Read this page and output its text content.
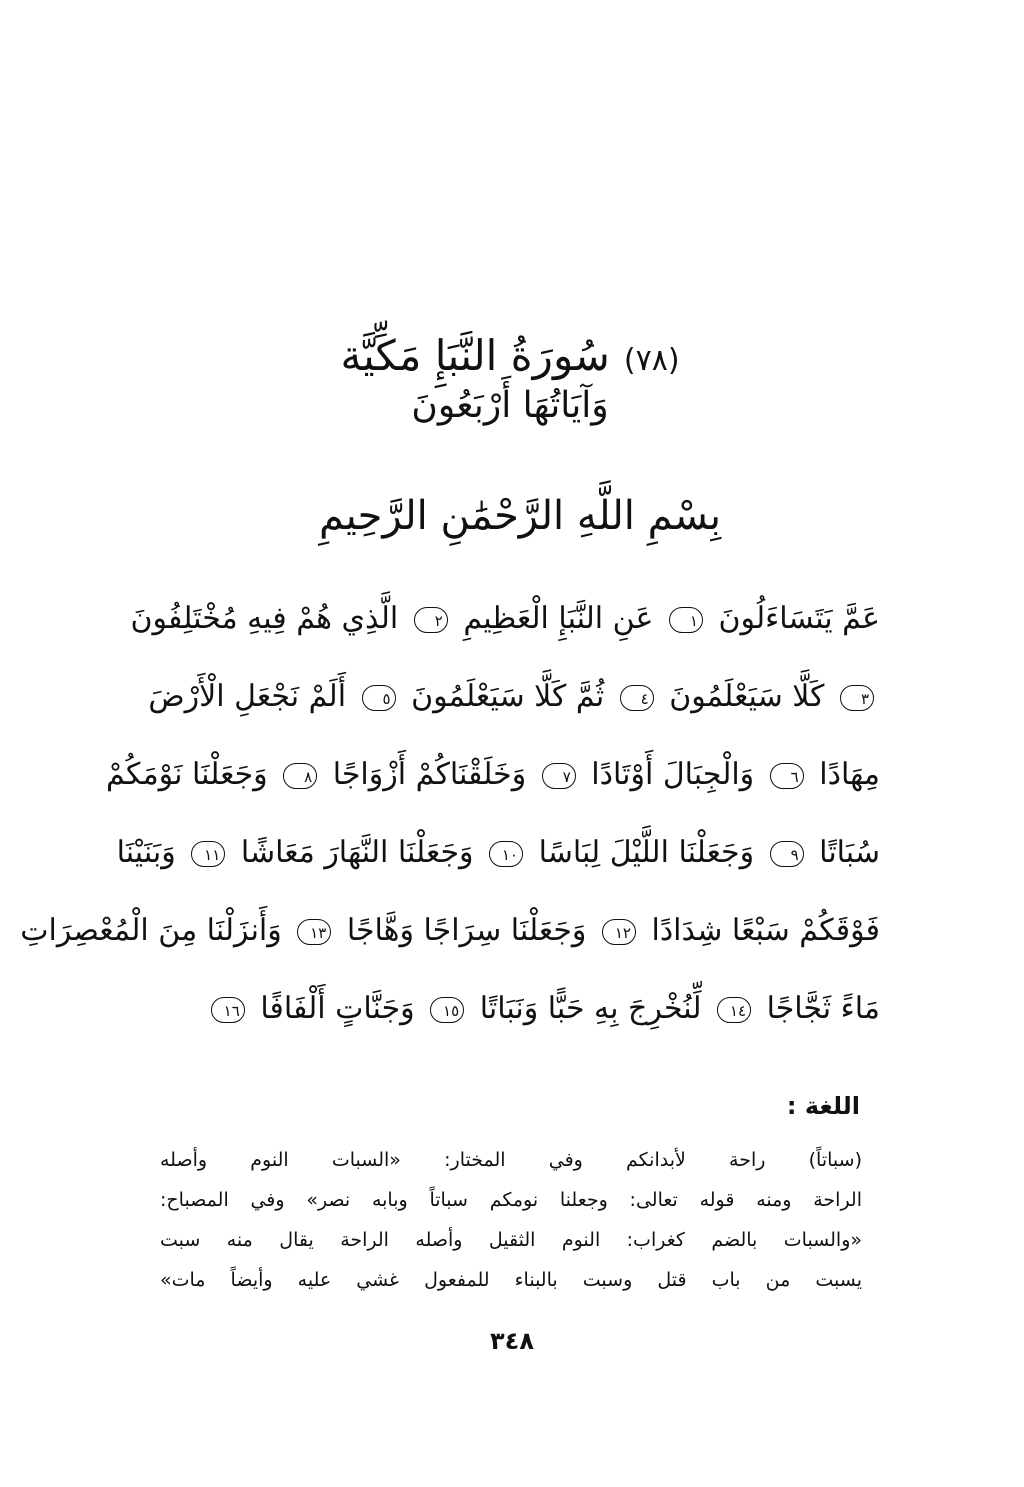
(٧٨)
سُورَةُ النَّبَإِ مَكِّيَّة
وَآيَاتُهَا أَرْبَعُونَ
بِسْمِ اللَّهِ الرَّحْمَٰنِ الرَّحِيمِ
عَمَّ يَتَسَاءَلُونَ ١ عَنِ النَّبَإِ الْعَظِيمِ ٢ الَّذِي هُمْ فِيهِ مُخْتَلِفُونَ
٣ كَلَّا سَيَعْلَمُونَ ٤ ثُمَّ كَلَّا سَيَعْلَمُونَ ٥ أَلَمْ نَجْعَلِ الْأَرْضَ
مِهَادًا ٦ وَالْجِبَالَ أَوْتَادًا ٧ وَخَلَقْنَاكُمْ أَزْوَاجًا ٨ وَجَعَلْنَا نَوْمَكُمْ
سُبَاتًا ٩ وَجَعَلْنَا اللَّيْلَ لِبَاسًا ١٠ وَجَعَلْنَا النَّهَارَ مَعَاشًا ١١ وَبَنَيْنَا
فَوْقَكُمْ سَبْعًا شِدَادًا ١٢ وَجَعَلْنَا سِرَاجًا وَهَّاجًا ١٣ وَأَنزَلْنَا مِنَ الْمُعْصِرَاتِ
مَاءً ثَجَّاجًا ١٤ لِّنُخْرِجَ بِهِ حَبًّا وَنَبَاتًا ١٥ وَجَنَّاتٍ أَلْفَافًا ١٦
اللغة :
(سباتاً) راحة لأبدانكم وفي المختار: «السبات النوم وأصله
الراحة ومنه قوله تعالى: وجعلنا نومكم سباتاً وبابه نصر» وفي المصباح:
«والسبات بالضم كغراب: النوم الثقيل وأصله الراحة يقال منه سبت
يسبت من باب قتل وسبت بالبناء للمفعول غشي عليه وأيضاً مات»
٣٤٨
